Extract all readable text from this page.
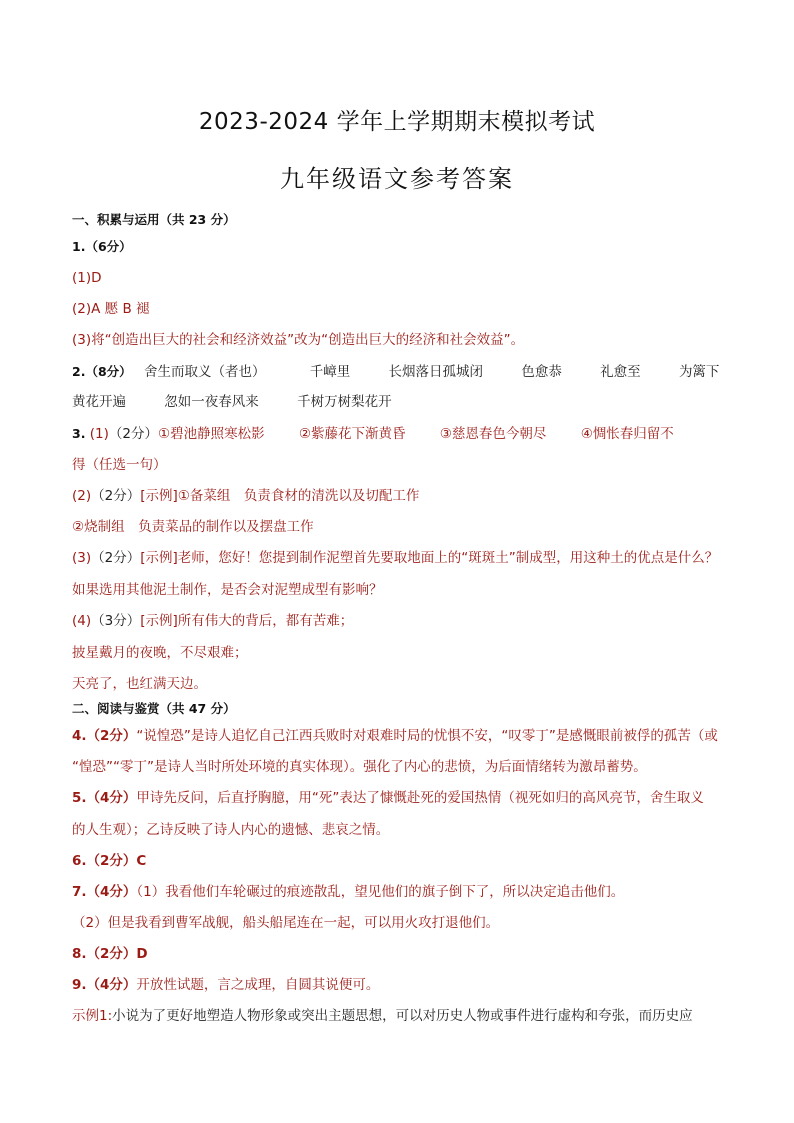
2023-2024 学年上学期期末模拟考试
九年级语文参考答案
一、积累与运用（共 23 分）
1.（6分）
(1)D
(2)A 懕 B 褪
(3)将“创造出巨大的社会和经济效益”改为“创造出巨大的经济和社会效益”。
2.（8分） 舍生而取义（者也）	千嶂里	长烟落日孤城闭	色愈恭	礼愈至	为篱下
黄花开遍	忽如一夜春风来	千树万树梨花开
3. (1)（2分）①碧池静照寒松影	②紫藤花下渐黄昏	③慈恩春色今朝尽	④惆怅春归留不
得（任选一句）
(2)（2分）[示例]①备菜组　负责食材的清洗以及切配工作
②烧制组　负责菜品的制作以及摆盘工作
(3)（2分）[示例]老师，您好！您提到制作泥塑首先要取地面上的“斑斑土”制成型，用这种土的优点是什么？
如果选用其他泥土制作，是否会对泥塑成型有影响？
(4)（3分）[示例]所有伟大的背后，都有苦难；
披星戴月的夜晚，不尽艰难；
天亮了，也红满天边。
二、阅读与鉴赏（共 47 分）
4.（2分）“说惶恐”是诗人追忆自己江西兵败时对艰难时局的忧惧不安，“叹零丁”是感慨眼前被俘的孤苦（或
“惶恐”“零丁”是诗人当时所处环境的真实体现）。强化了内心的悲愤，为后面情绪转为激昂蓄势。
5.（4分）甲诗先反问，后直抒胸臆，用“死”表达了慷慨赴死的爱国热情（视死如归的高风亮节，舍生取义
的人生观）；乙诗反映了诗人内心的遗憾、悲哀之情。
6.（2分）C
7.（4分）（1）我看他们车轮碾过的痕迹散乱，望见他们的旗子倒下了，所以决定追击他们。
（2）但是我看到曹军战舰，船头船尾连在一起，可以用火攻打退他们。
8.（2分）D
9.（4分）开放性试题，言之成理，自圆其说便可。
示例1:小说为了更好地塑造人物形象或突出主题思想，可以对历史人物或事件进行虚构和夸张，而历史应
